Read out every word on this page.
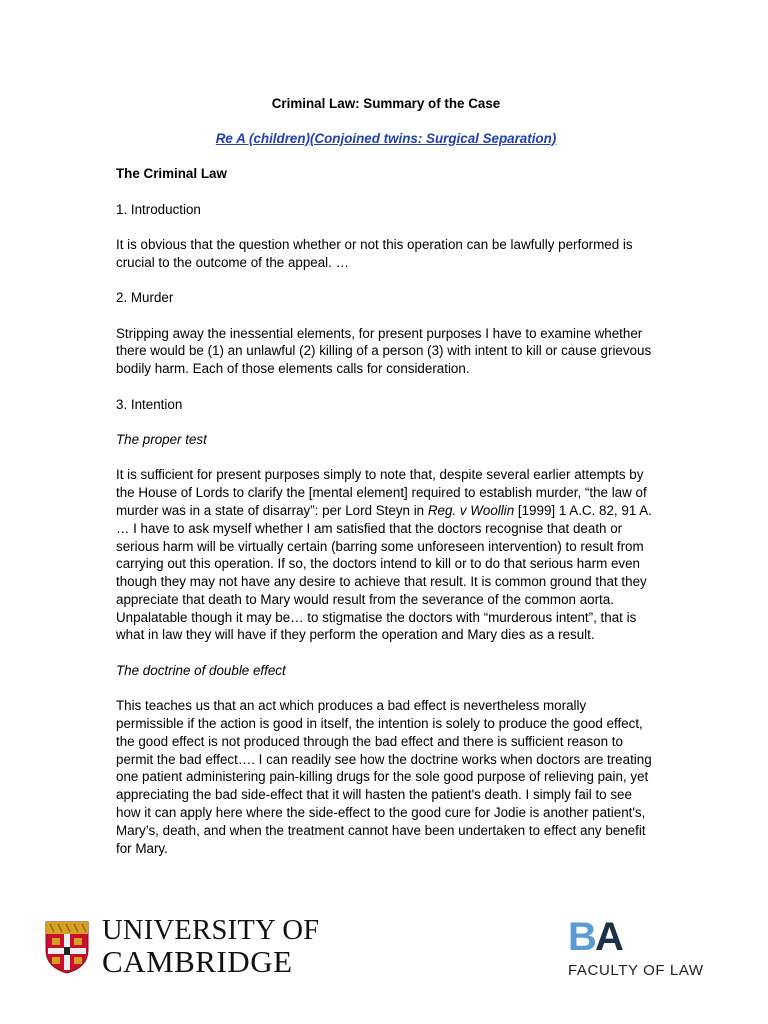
Criminal Law: Summary of the Case

Re A (children)(Conjoined twins: Surgical Separation)

The Criminal Law

1. Introduction

It is obvious that the question whether or not this operation can be lawfully performed is crucial to the outcome of the appeal. …

2. Murder

Stripping away the inessential elements, for present purposes I have to examine whether there would be (1) an unlawful (2) killing of a person (3) with intent to kill or cause grievous bodily harm. Each of those elements calls for consideration.

3. Intention

The proper test

It is sufficient for present purposes simply to note that, despite several earlier attempts by the House of Lords to clarify the [mental element] required to establish murder, “the law of murder was in a state of disarray”: per Lord Steyn in Reg. v Woollin [1999] 1 A.C. 82, 91 A. … I have to ask myself whether I am satisfied that the doctors recognise that death or serious harm will be virtually certain (barring some unforeseen intervention) to result from carrying out this operation. If so, the doctors intend to kill or to do that serious harm even though they may not have any desire to achieve that result. It is common ground that they appreciate that death to Mary would result from the severance of the common aorta. Unpalatable though it may be… to stigmatise the doctors with “murderous intent”, that is what in law they will have if they perform the operation and Mary dies as a result.

The doctrine of double effect

This teaches us that an act which produces a bad effect is nevertheless morally permissible if the action is good in itself, the intention is solely to produce the good effect, the good effect is not produced through the bad effect and there is sufficient reason to permit the bad effect…. I can readily see how the doctrine works when doctors are treating one patient administering pain-killing drugs for the sole good purpose of relieving pain, yet appreciating the bad side-effect that it will hasten the patient's death. I simply fail to see how it can apply here where the side-effect to the good cure for Jodie is another patient's, Mary’s, death, and when the treatment cannot have been undertaken to effect any benefit for Mary.

UNIVERSITY OF
CAMBRIDGE
B
A
FACULTY OF LAW
